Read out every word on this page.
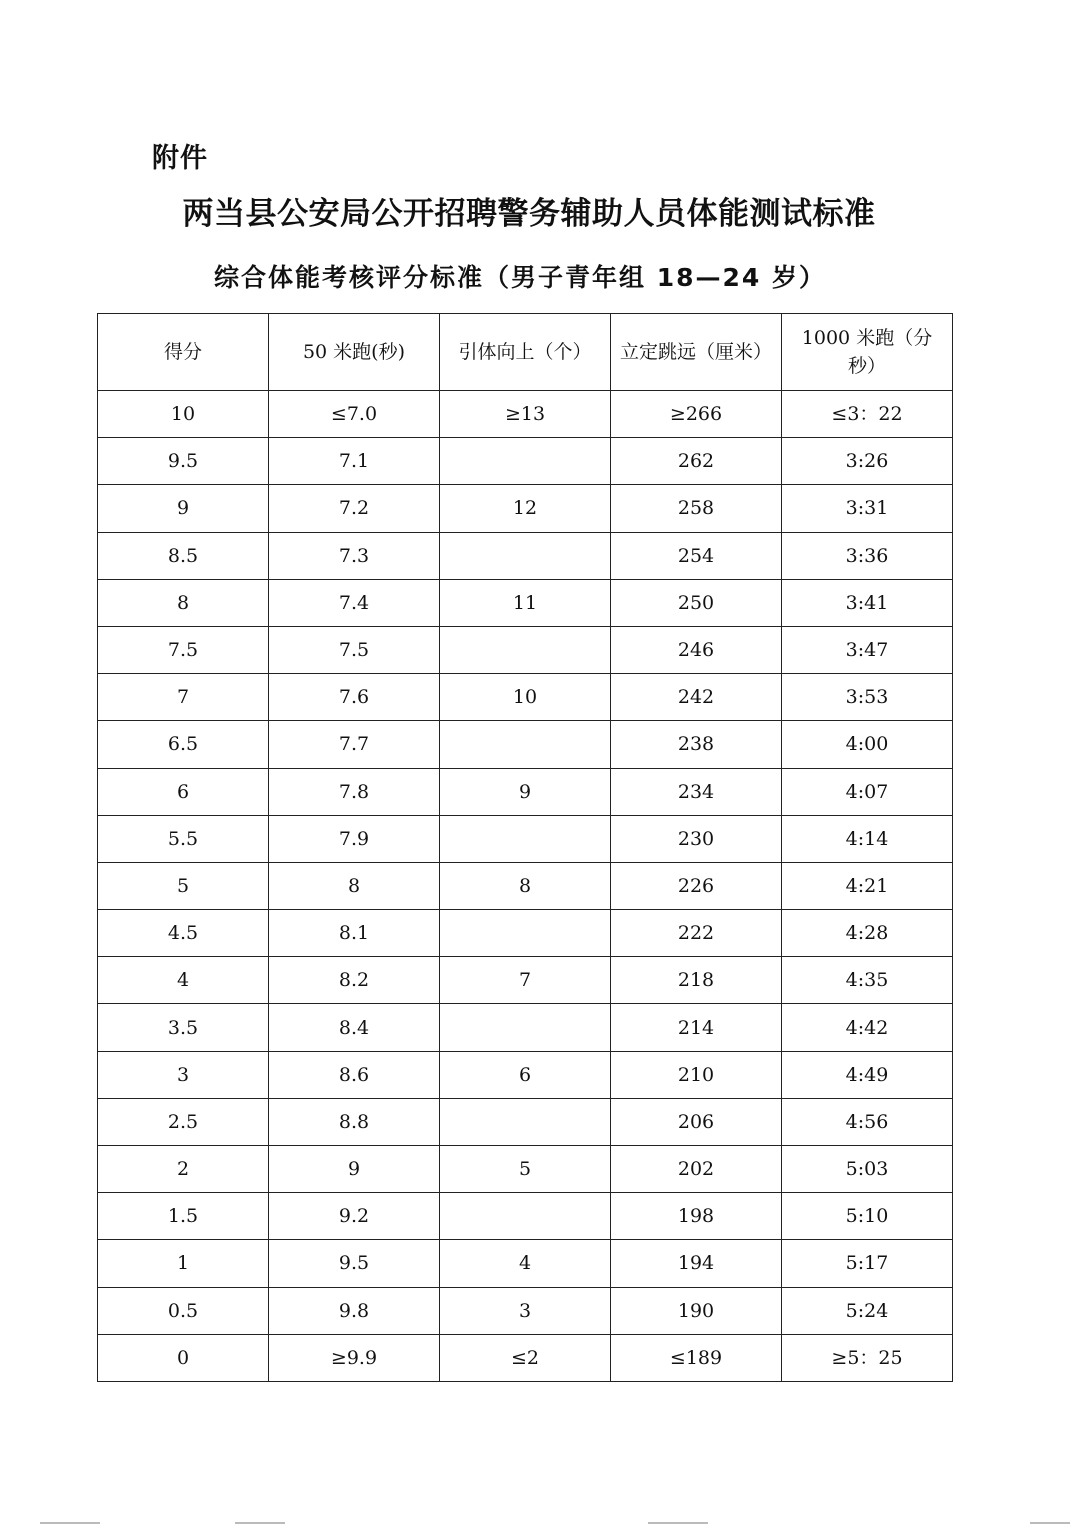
附件
两当县公安局公开招聘警务辅助人员体能测试标准
综合体能考核评分标准（男子青年组 18—24 岁）
得分	50 米跑(秒)	引体向上（个）	立定跳远（厘米）	1000 米跑（分秒）
10	≤7.0	≥13	≥266	≤3：22
9.5	7.1		262	3:26
9	7.2	12	258	3:31
8.5	7.3		254	3:36
8	7.4	11	250	3:41
7.5	7.5		246	3:47
7	7.6	10	242	3:53
6.5	7.7		238	4:00
6	7.8	9	234	4:07
5.5	7.9		230	4:14
5	8	8	226	4:21
4.5	8.1		222	4:28
4	8.2	7	218	4:35
3.5	8.4		214	4:42
3	8.6	6	210	4:49
2.5	8.8		206	4:56
2	9	5	202	5:03
1.5	9.2		198	5:10
1	9.5	4	194	5:17
0.5	9.8	3	190	5:24
0	≥9.9	≤2	≤189	≥5：25
